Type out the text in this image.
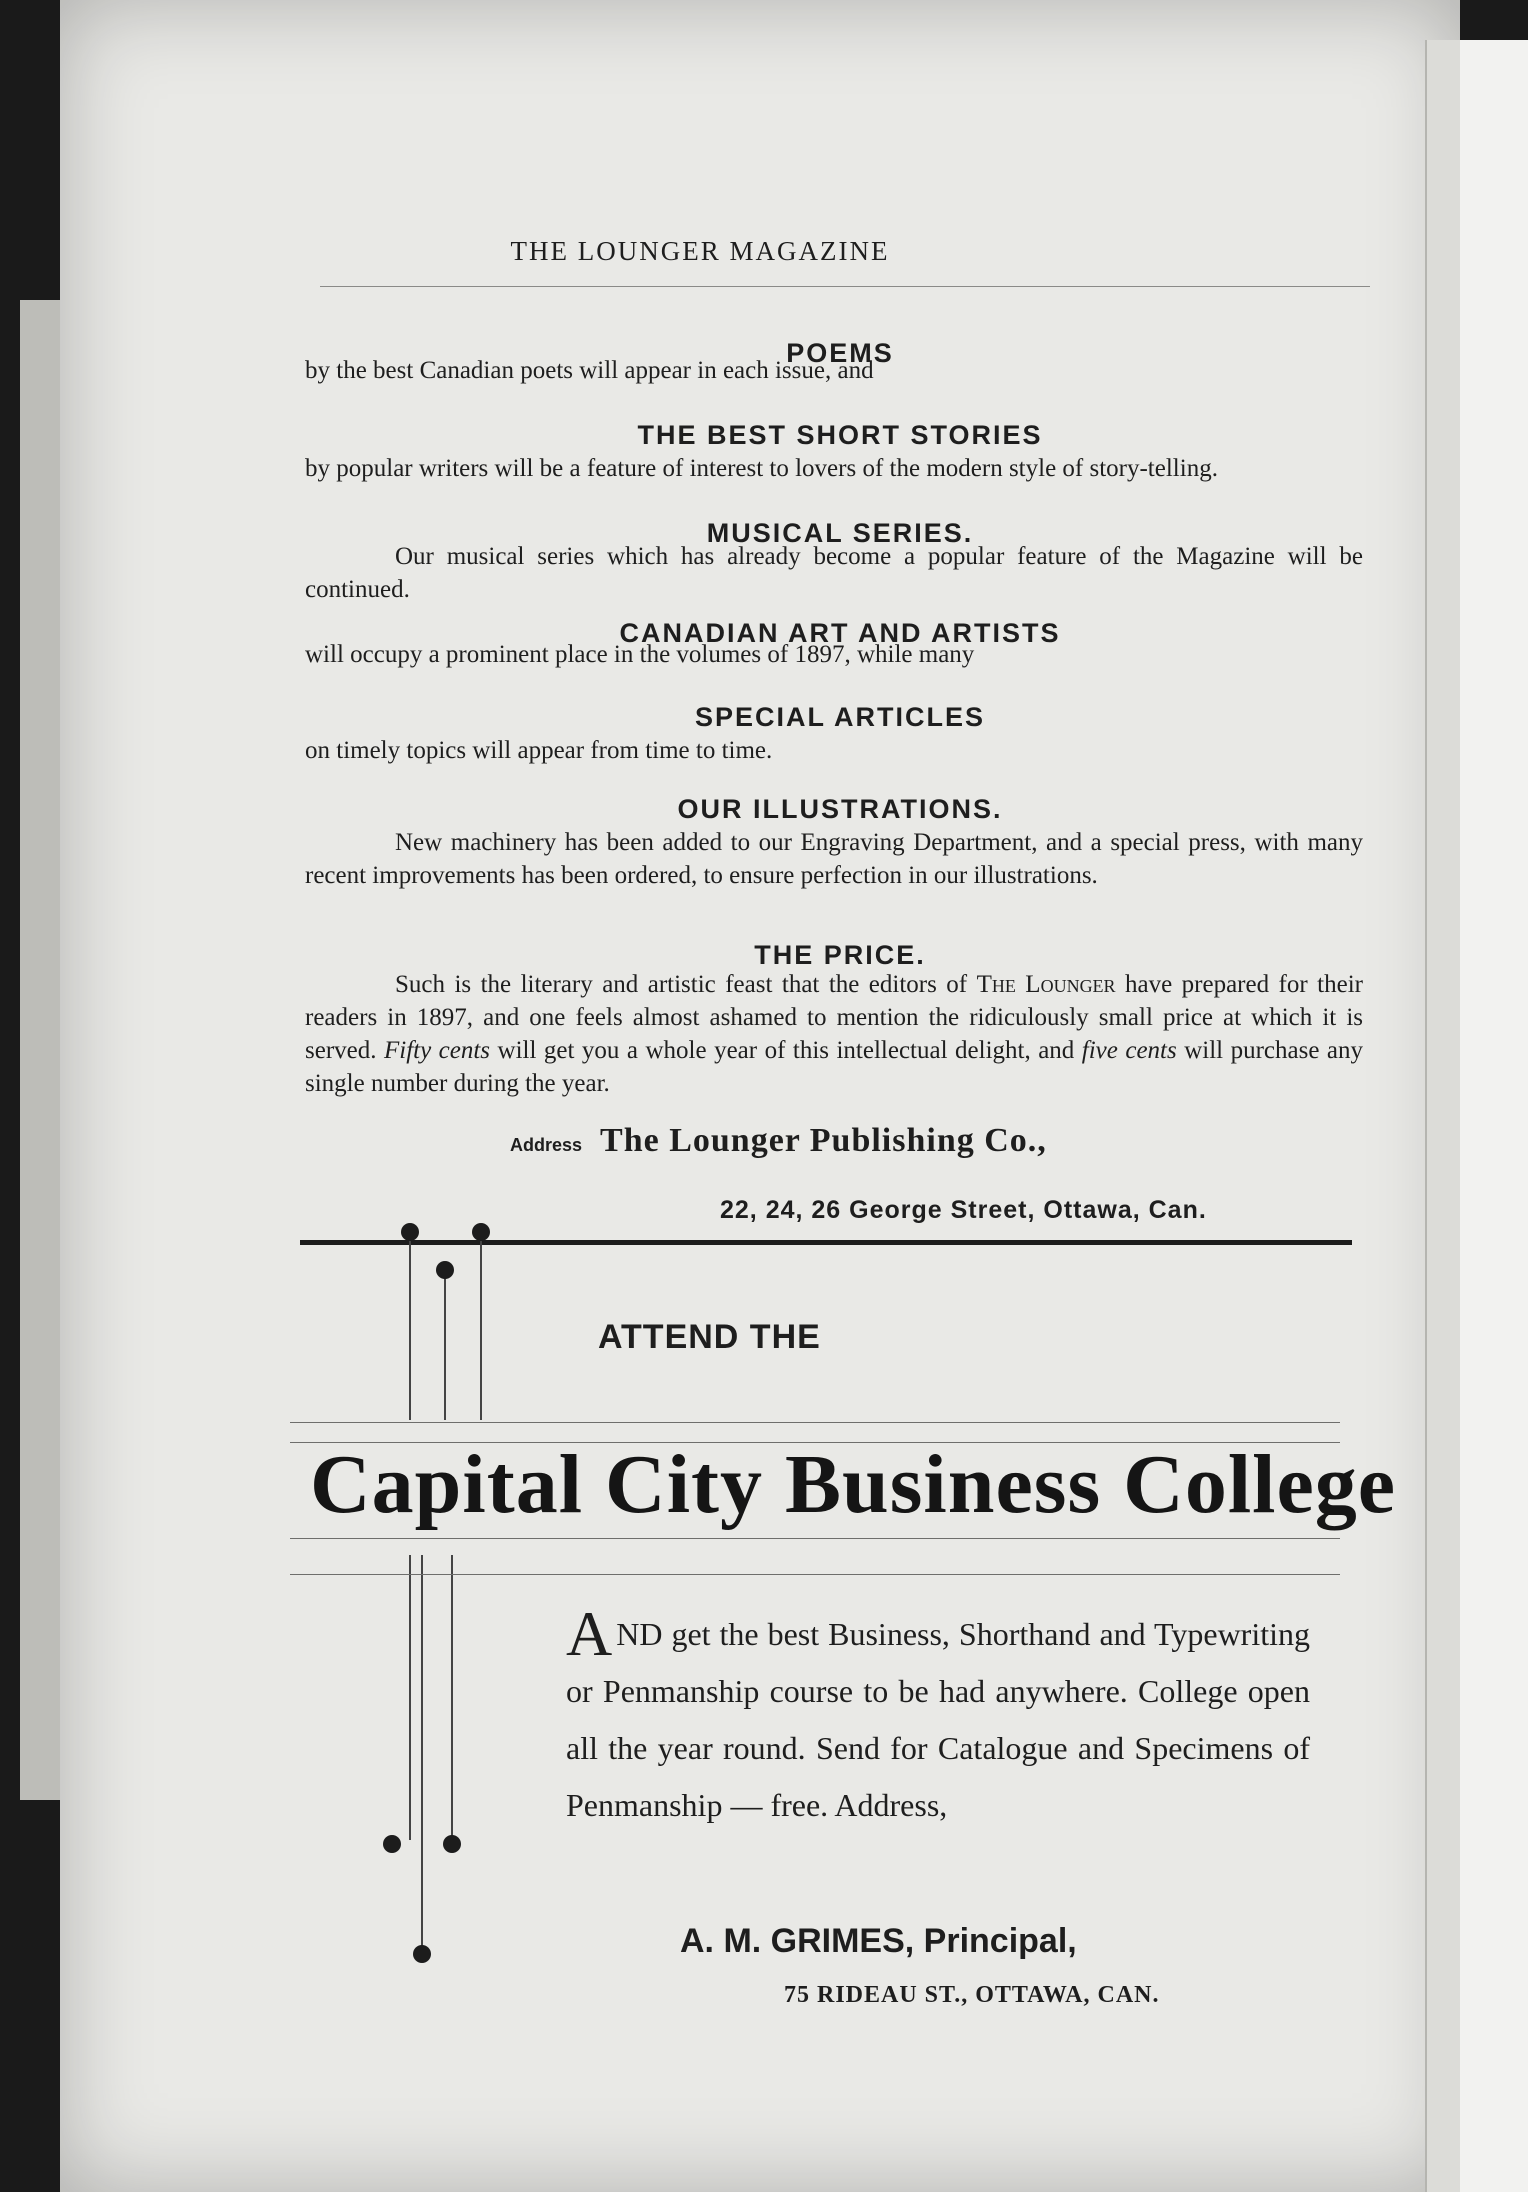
THE LOUNGER MAGAZINE
POEMS
by the best Canadian poets will appear in each issue, and
THE BEST SHORT STORIES
by popular writers will be a feature of interest to lovers of the modern style of story-telling.
MUSICAL SERIES.
Our musical series which has already become a popular feature of the Magazine will be continued.
CANADIAN ART AND ARTISTS
will occupy a prominent place in the volumes of 1897, while many
SPECIAL ARTICLES
on timely topics will appear from time to time.
OUR ILLUSTRATIONS.
New machinery has been added to our Engraving Department, and a special press, with many recent improvements has been ordered, to ensure perfection in our illustrations.
THE PRICE.
Such is the literary and artistic feast that the editors of The Lounger have prepared for their readers in 1897, and one feels almost ashamed to mention the ridiculously small price at which it is served. Fifty cents will get you a whole year of this intellectual delight, and five cents will purchase any single number during the year.
Address The Lounger Publishing Co.,
22, 24, 26 George Street, Ottawa, Can.
ATTEND THE
Capital City Business College
AND get the best Business, Shorthand and Typewriting or Penmanship course to be had anywhere. College open all the year round. Send for Catalogue and Specimens of Penmanship — free. Address,
A. M. GRIMES, Principal,
75 RIDEAU ST., OTTAWA, CAN.
